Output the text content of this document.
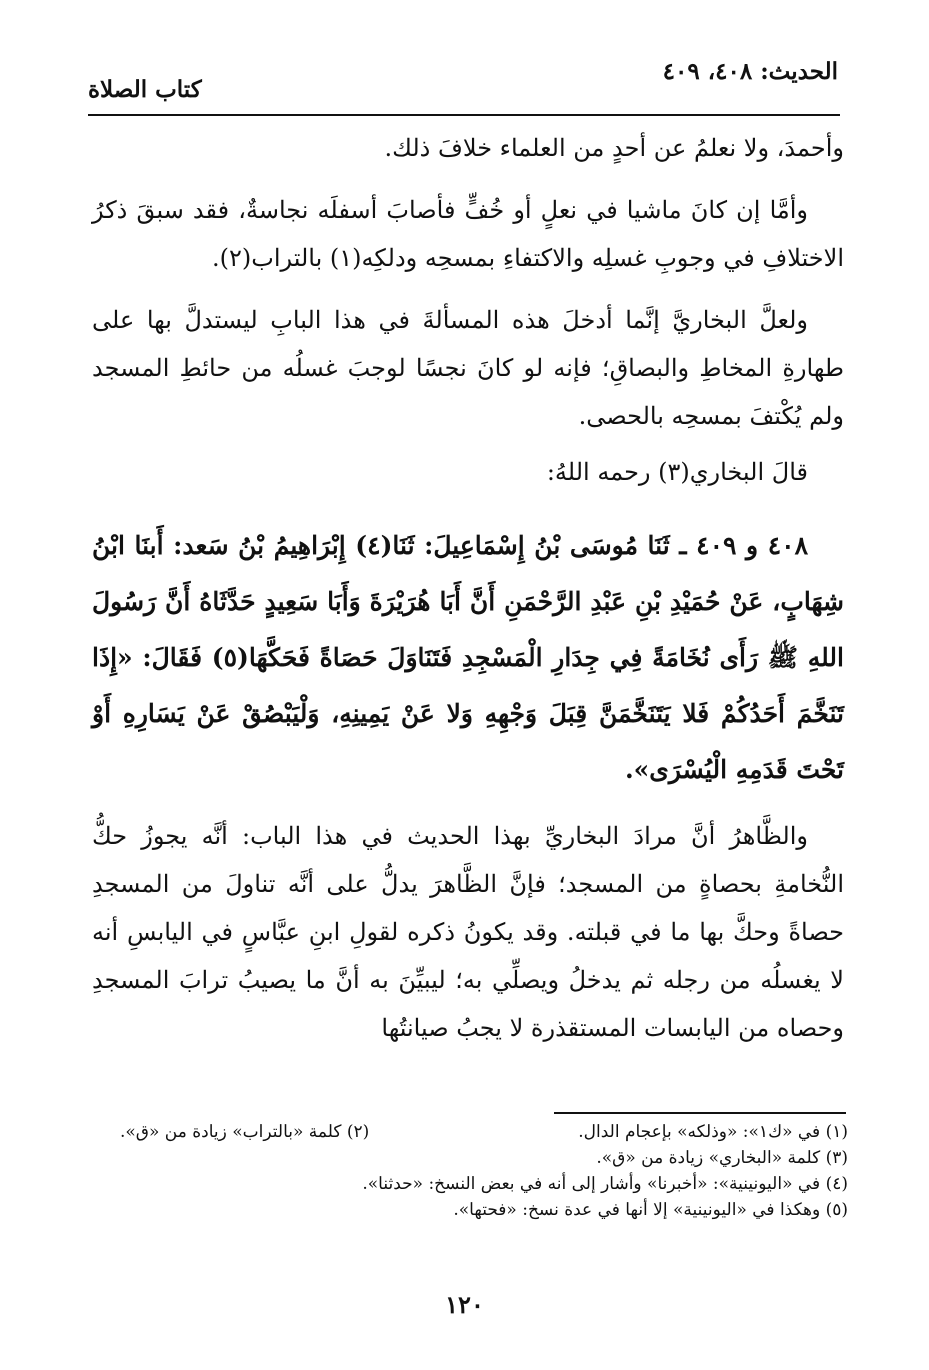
الحديث: ٤٠٨، ٤٠٩
كتاب الصلاة

وأحمدَ، ولا نعلمُ عن أحدٍ من العلماء خلافَ ذلك.

وأمَّا إن كانَ ماشيا في نعلٍ أو خُفٍّ فأصابَ أسفلَه نجاسةٌ، فقد سبقَ ذكرُ الاختلافِ في وجوبِ غسلِه والاكتفاءِ بمسحِه ودلكِه(١) بالتراب(٢).

ولعلَّ البخاريَّ إنَّما أدخلَ هذه المسألةَ في هذا البابِ ليستدلَّ بها على طهارةِ المخاطِ والبصاقِ؛ فإنه لو كانَ نجسًا لوجبَ غسلُه من حائطِ المسجد ولم يُكْتفَ بمسحِه بالحصى.

قالَ البخاري(٣) رحمه اللهُ:

٤٠٨ و ٤٠٩ ـ ثَنَا مُوسَى بْنُ إِسْمَاعِيلَ: ثَنَا(٤) إِبْرَاهِيمُ بْنُ سَعد: أَبنَا ابْنُ شِهَابٍ، عَنْ حُمَيْدِ بْنِ عَبْدِ الرَّحْمَنِ أَنَّ أَبَا هُرَيْرَةَ وَأَبَا سَعِيدٍ حَدَّثَاهُ أَنَّ رَسُولَ اللهِ ﷺ رَأَى نُخَامَةً فِي جِدَارِ الْمَسْجِدِ فَتَنَاوَلَ حَصَاةً فَحَكَّهَا(٥) فَقَالَ: «إِذَا تَنَخَّمَ أَحَدُكُمْ فَلا يَتَنَخَّمَنَّ قِبَلَ وَجْهِهِ وَلا عَنْ يَمِينِهِ، وَلْيَبْصُقْ عَنْ يَسَارِهِ أَوْ تَحْتَ قَدَمِهِ الْيُسْرَى».

والظَّاهرُ أنَّ مرادَ البخاريِّ بهذا الحديث في هذا الباب: أنَّه يجوزُ حكُّ النُّخامةِ بحصاةٍ من المسجد؛ فإنَّ الظَّاهرَ يدلُّ على أنَّه تناولَ من المسجدِ حصاةً وحكَّ بها ما في قبلته. وقد يكونُ ذكره لقولِ ابنِ عبَّاسٍ في اليابسِ أنه لا يغسلُه من رجله ثم يدخلُ ويصلِّي به؛ ليبيِّنَ به أنَّ ما يصيبُ ترابَ المسجدِ وحصاه من اليابسات المستقذرة لا يجبُ صيانتُها

(١) في «ك١»: «وذلكه» بإعجام الدال.
(٢) كلمة «بالتراب» زيادة من «ق».
(٣) كلمة «البخاري» زيادة من «ق».
(٤) في «اليونينية»: «أخبرنا» وأشار إلى أنه في بعض النسخ: «حدثنا».
(٥) وهكذا في «اليونينية» إلا أنها في عدة نسخ: «فحتها».
١٢٠
